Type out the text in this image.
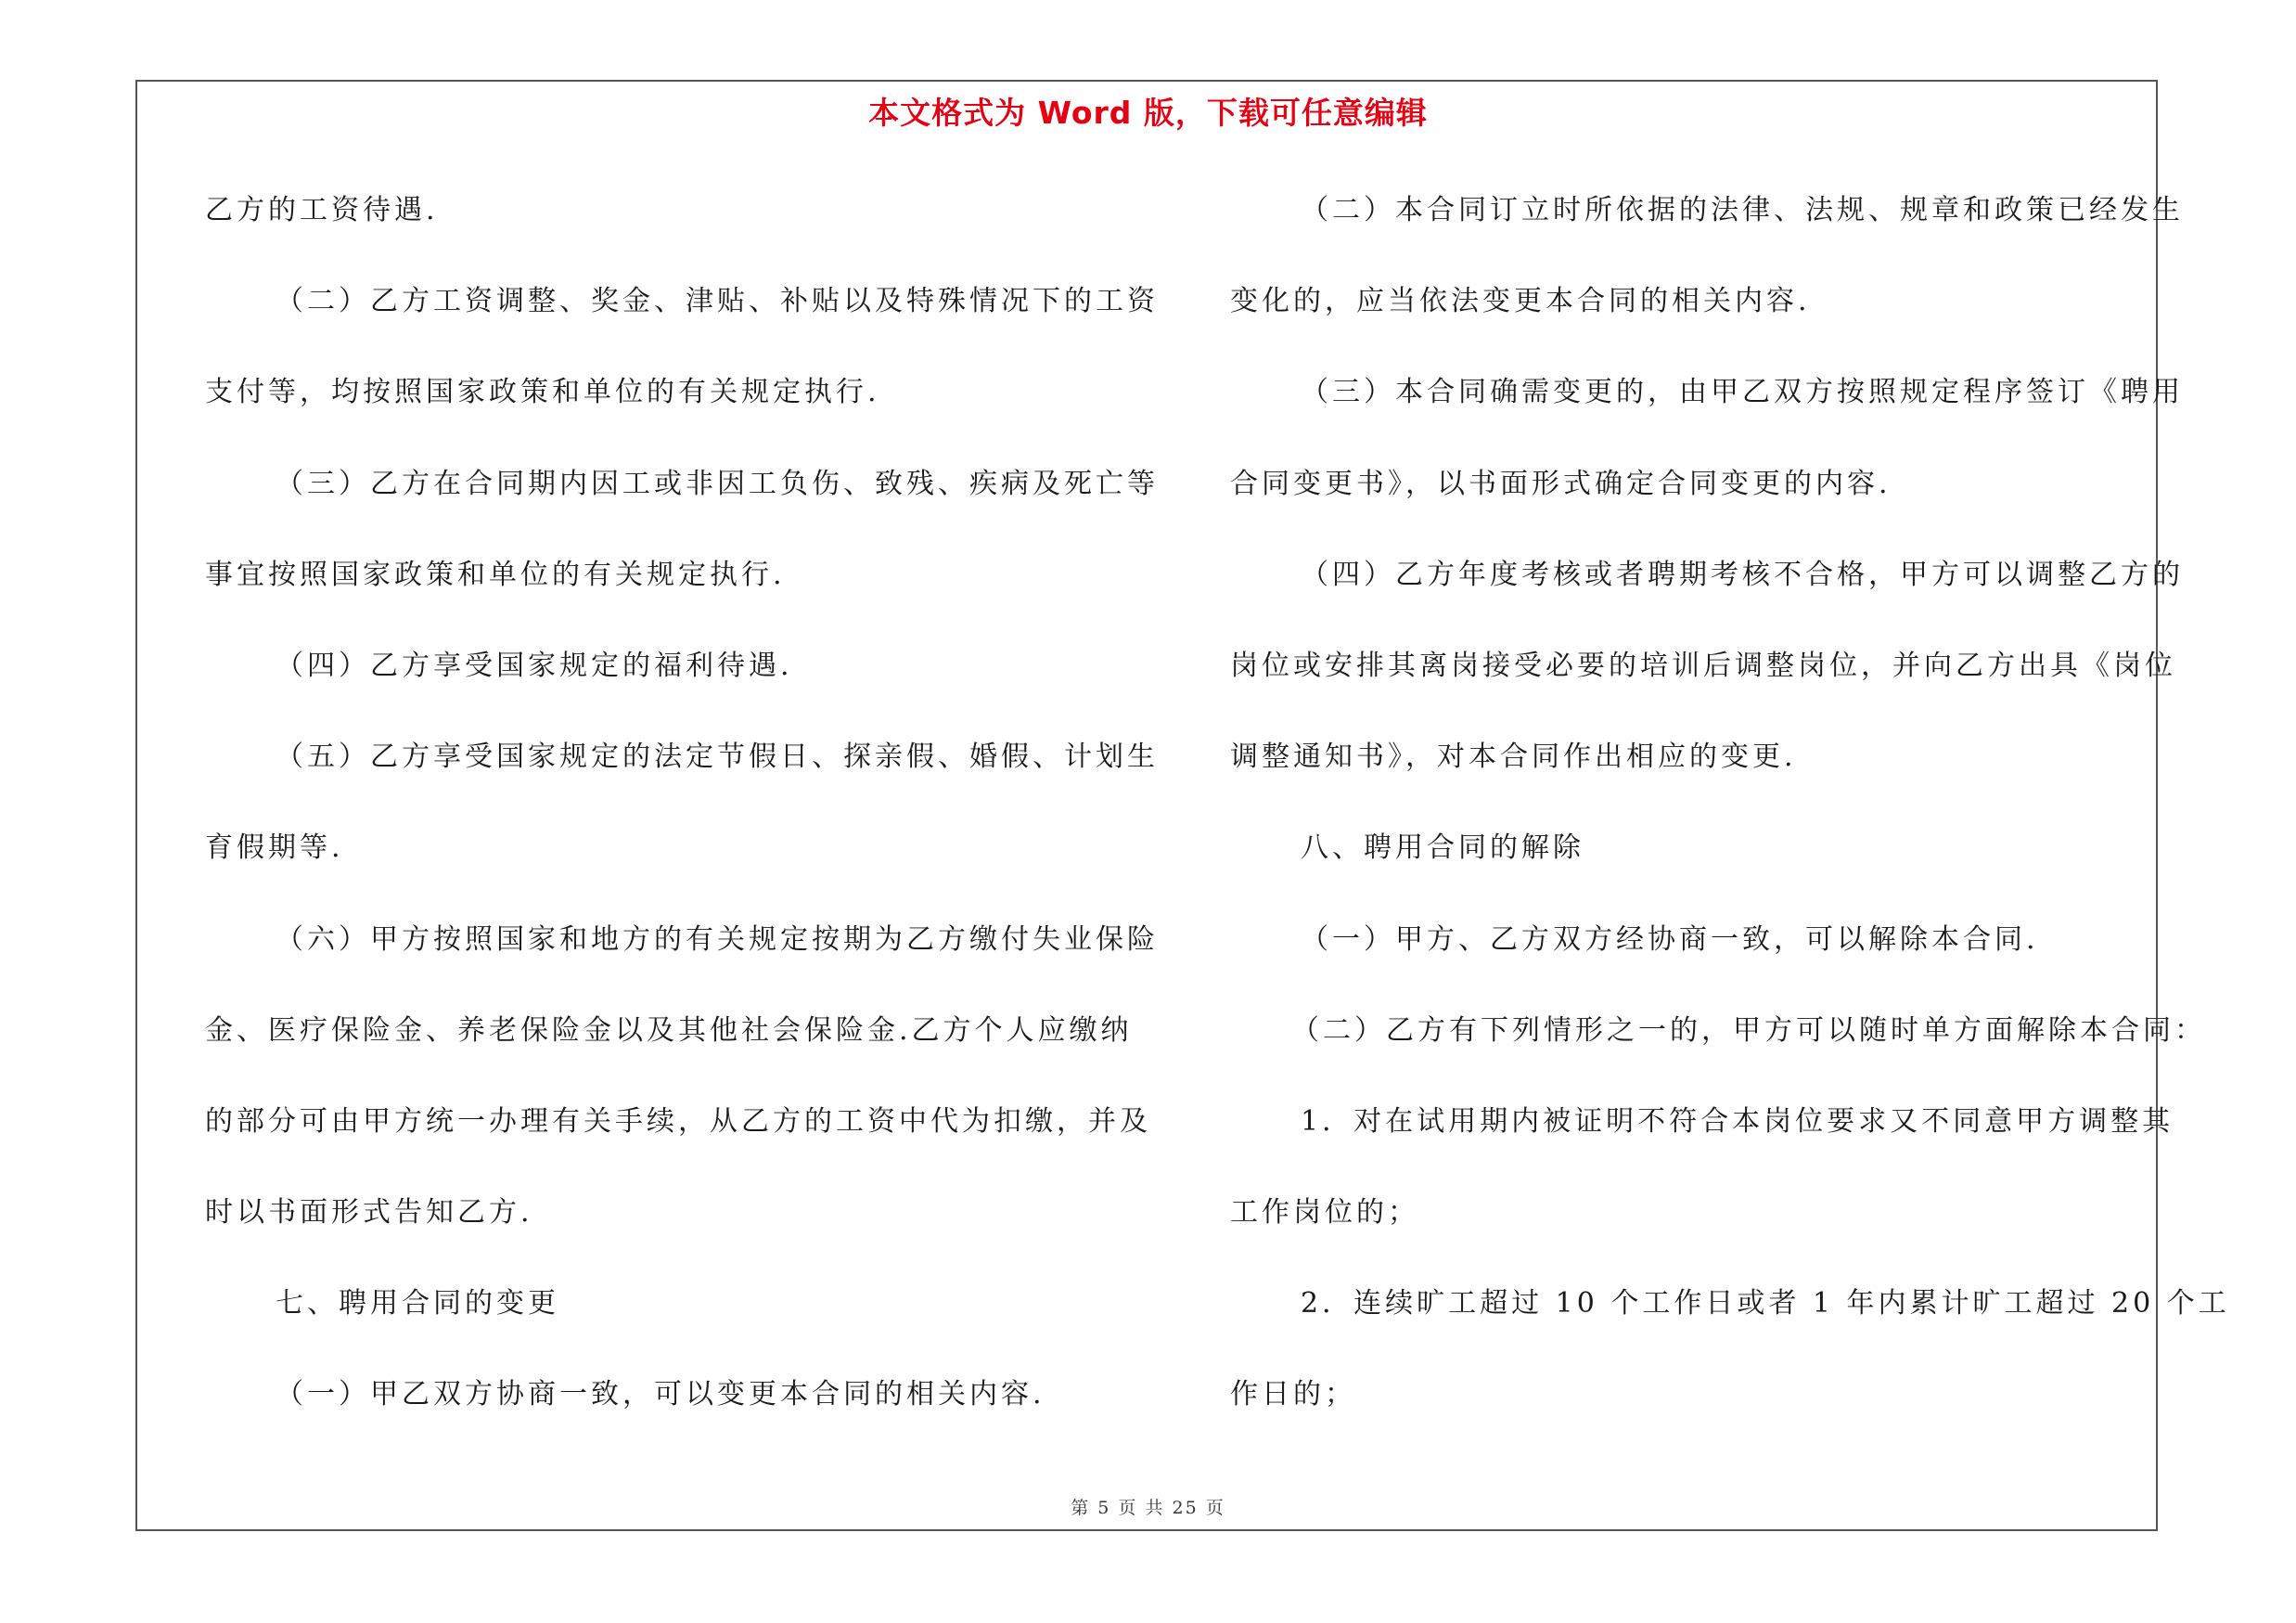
本文格式为 Word 版，下载可任意编辑
乙方的工资待遇.
（二）乙方工资调整、奖金、津贴、补贴以及特殊情况下的工资
支付等，均按照国家政策和单位的有关规定执行.
（三）乙方在合同期内因工或非因工负伤、致残、疾病及死亡等
事宜按照国家政策和单位的有关规定执行.
（四）乙方享受国家规定的福利待遇.
（五）乙方享受国家规定的法定节假日、探亲假、婚假、计划生
育假期等.
（六）甲方按照国家和地方的有关规定按期为乙方缴付失业保险
金、医疗保险金、养老保险金以及其他社会保险金.乙方个人应缴纳
的部分可由甲方统一办理有关手续，从乙方的工资中代为扣缴，并及
时以书面形式告知乙方.
七、聘用合同的变更
（一）甲乙双方协商一致，可以变更本合同的相关内容.
（二）本合同订立时所依据的法律、法规、规章和政策已经发生
变化的，应当依法变更本合同的相关内容.
（三）本合同确需变更的，由甲乙双方按照规定程序签订《聘用
合同变更书》，以书面形式确定合同变更的内容.
（四）乙方年度考核或者聘期考核不合格，甲方可以调整乙方的
岗位或安排其离岗接受必要的培训后调整岗位，并向乙方出具《岗位
调整通知书》，对本合同作出相应的变更.
八、聘用合同的解除
（一）甲方、乙方双方经协商一致，可以解除本合同.
（二）乙方有下列情形之一的，甲方可以随时单方面解除本合同：
1．对在试用期内被证明不符合本岗位要求又不同意甲方调整其
工作岗位的；
2．连续旷工超过 10 个工作日或者 1 年内累计旷工超过 20 个工
作日的；
第 5 页 共 25 页
